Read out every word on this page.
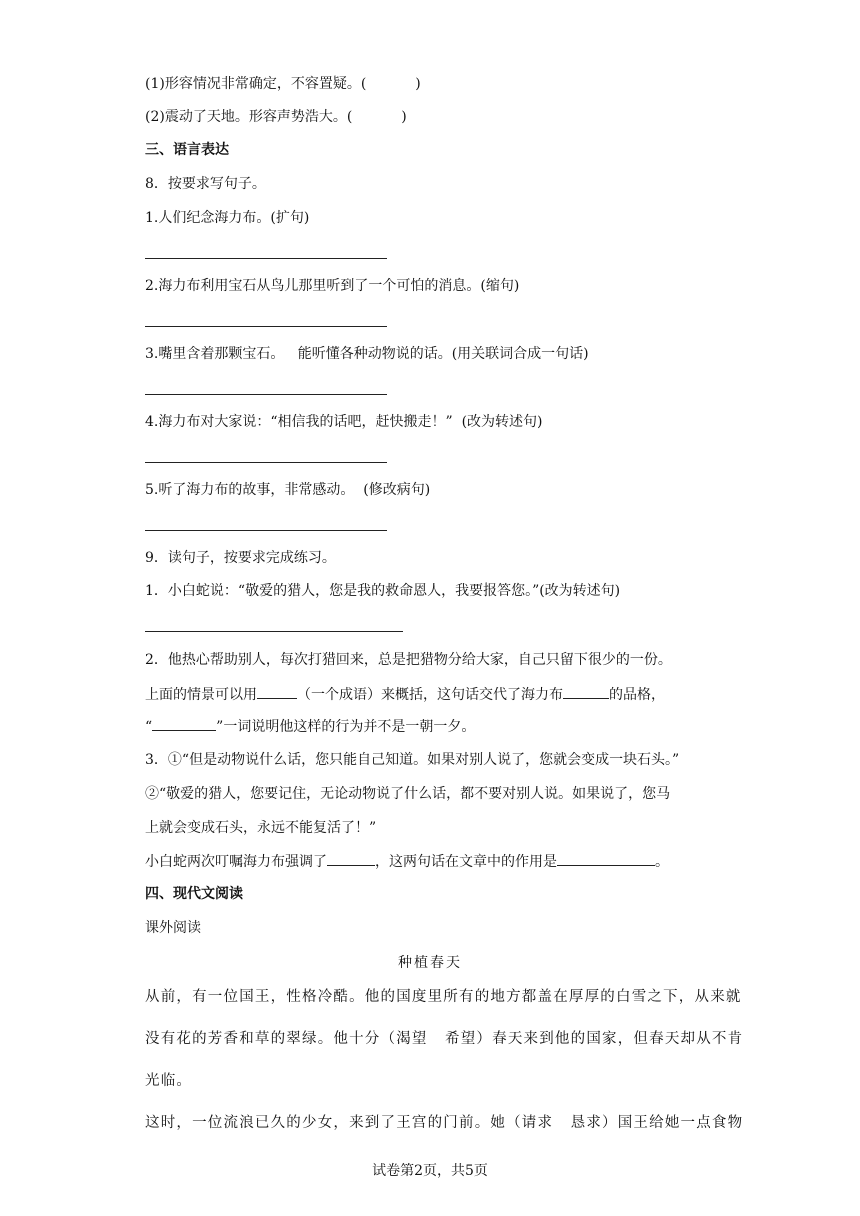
(1)形容情况非常确定，不容置疑。(           )
(2)震动了天地。形容声势浩大。(           )
三、语言表达
8．按要求写句子。
1.人们纪念海力布。(扩句)
2.海力布利用宝石从鸟儿那里听到了一个可怕的消息。(缩句)
3.嘴里含着那颗宝石。   能听懂各种动物说的话。(用关联词合成一句话)
4.海力布对大家说：“相信我的话吧，赶快搬走！”  (改为转述句)
5.听了海力布的故事，非常感动。  (修改病句)
9．读句子，按要求完成练习。
1．小白蛇说：“敬爱的猎人，您是我的救命恩人，我要报答您。”(改为转述句)
2．他热心帮助别人，每次打猎回来，总是把猎物分给大家，自己只留下很少的一份。
上面的情景可以用	（一个成语）来概括，这句话交代了海力布	的品格，
“	”一词说明他这样的行为并不是一朝一夕。
3．①“但是动物说什么话，您只能自己知道。如果对别人说了，您就会变成一块石头。”
②“敬爱的猎人，您要记住，无论动物说了什么话，都不要对别人说。如果说了，您马
上就会变成石头，永远不能复活了！”
小白蛇两次叮嘱海力布强调了	，这两句话在文章中的作用是	。
四、现代文阅读
课外阅读
种植春天
从前，有一位国王，性格冷酷。他的国度里所有的地方都盖在厚厚的白雪之下，从来就
没有花的芳香和草的翠绿。他十分（渴望   希望）春天来到他的国家，但春天却从不肯
光临。
这时，一位流浪已久的少女，来到了王宫的门前。她（请求   恳求）国王给她一点食物
试卷第2页，共5页
